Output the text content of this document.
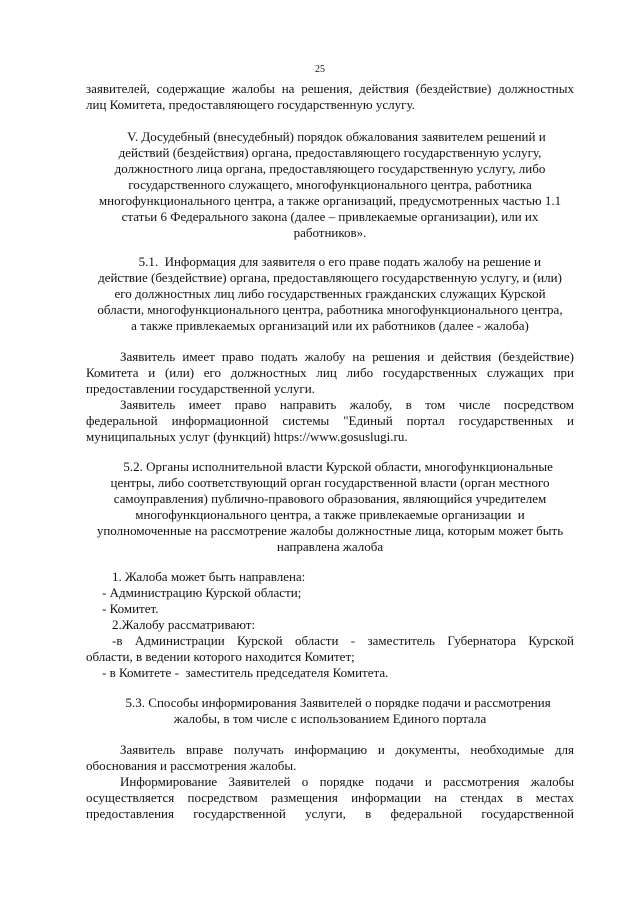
25
заявителей, содержащие жалобы на решения, действия (бездействие) должностных
лиц Комитета, предоставляющего государственную услугу.
V. Досудебный (внесудебный) порядок обжалования заявителем решений и
действий (бездействия) органа, предоставляющего государственную услугу,
должностного лица органа, предоставляющего государственную услугу, либо
государственного служащего, многофункционального центра, работника
многофункционального центра, а также организаций, предусмотренных частью 1.1
статьи 6 Федерального закона (далее – привлекаемые организации), или их
работников».
5.1.  Информация для заявителя о его праве подать жалобу на решение и
действие (бездействие) органа, предоставляющего государственную услугу, и (или)
его должностных лиц либо государственных гражданских служащих Курской
области, многофункционального центра, работника многофункционального центра,
а также привлекаемых организаций или их работников (далее - жалоба)
Заявитель имеет право подать жалобу на решения и действия (бездействие)
Комитета и (или) его должностных лиц либо государственных служащих при
предоставлении государственной услуги.
Заявитель имеет право направить жалобу, в том числе посредством
федеральной информационной системы "Единый портал государственных и
муниципальных услуг (функций) https://www.gosuslugi.ru.
5.2. Органы исполнительной власти Курской области, многофункциональные
центры, либо соответствующий орган государственной власти (орган местного
самоуправления) публично-правового образования, являющийся учредителем
многофункционального центра, а также привлекаемые организации  и
уполномоченные на рассмотрение жалобы должностные лица, которым может быть
направлена жалоба
1. Жалоба может быть направлена:
- Администрацию Курской области;
- Комитет.
2.Жалобу рассматривают:
-в Администрации Курской области - заместитель Губернатора Курской
области, в ведении которого находится Комитет;
- в Комитете -  заместитель председателя Комитета.
5.3. Способы информирования Заявителей о порядке подачи и рассмотрения
жалобы, в том числе с использованием Единого портала
Заявитель вправе получать информацию и документы, необходимые для
обоснования и рассмотрения жалобы.
Информирование Заявителей о порядке подачи и рассмотрения жалобы
осуществляется посредством размещения информации на стендах в местах
предоставления государственной услуги, в федеральной государственной
